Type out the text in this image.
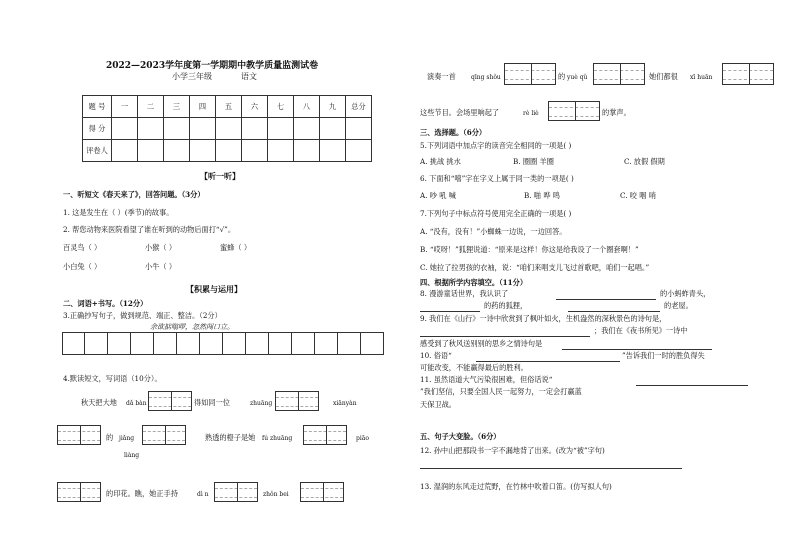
2022—2023学年度第一学期期中教学质量监测试卷
小学三年级	语文
题 号	一	二	三	四	五	六	七	八	九	总分
得 分										
评卷人										
【听一听】
一、听短文《春天来了》，回答问题。（3分）
1. 这是发生在（ ）(季节)的故事。
2. 帮您动物来医院看望了谁在听到的动物后面打“√”。
百灵鸟（ ）	小猴（ ）	蜜蜂（ ）
小白兔（ ）	小牛（ ）
【积累与运用】
二、词语+书写。（12分）
3.正确抄写句子，做到规范、端正、整洁。（2分）
余欲掂嗡啰，忽然闯口立。
4.默读短文，写词语（10分）。
秋天把大地 dǎ bàn	得如同一位	zhuānɡ	xiānyàn
的 jiǎnɡ
liàng
熟透的橙子是她 fú zhuāng	piāo
的印花。瞧，她正手持	dì n	zhǒn bei
演奏一首	qīng shǒu	的 yuè qǔ	她们都很 xī huān
这些节目。会场里响起了	rè liè	的掌声。
三、选择题。（6分）
5.下列词语中加点字的读音完全相同的一项是( )
A. 挑战 挑水	B. 圈圈 羊圈	C. 放假 假期
6. 下面和“嘻”字在字义上属于同一类的一项是( )
A. 吵 吼 喊	B. 啪 哗 鸣	C. 咬 咽 哨
7.下列句子中标点符号使用完全正确的一项是( )
A. “没有，没有！”小蜘蛛一边说，一边回答。
B. “哎呀！”狐狸说道：“原来是这样！你这是给我设了一个圈套啊！”
C. 她拉了拉男孩的衣袖，说：“咱们来唱支儿飞过首歌吧，咱们一起唱。”
四、根据所学内容填空。（11分）
8. 漫游童话世界，我认识了	的小蚂蚱青头，
的药的狐狸，	的老屋。
9. 我们在《山行》一诗中欣赏到了枫叶如火，生机盎然的深秋景色的诗句是，
；我们在《夜书所见》一诗中
感受到了秋风送别别的思乡之情诗句是
10. 俗语“	”告诉我们一时的胜负得失
可能改变，不能赢得最后的胜利。
11. 虽然语道大气污染很困难，但俗话说“
”我们坚信，只要全国人民一起努力，一定会打赢蓝
天保卫战。
五、句子大变脸。（6分）
12. 孙中山把那段书一字不漏地背了出来。(改为“被”字句)
13. 湿润的东风走过荒野，在竹林中吹着口笛。(仿写拟人句)
